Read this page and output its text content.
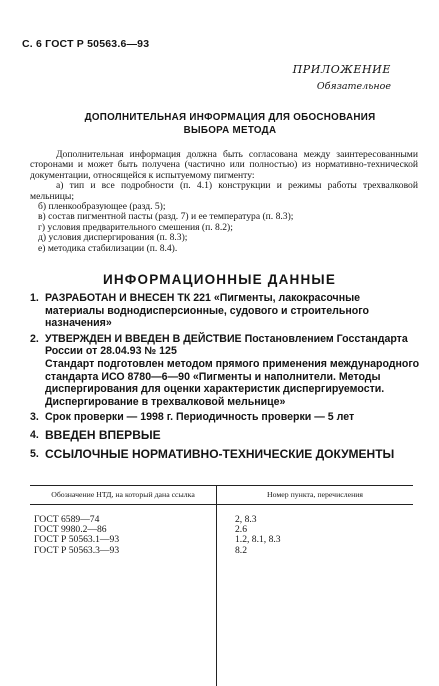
С. 6 ГОСТ Р 50563.6—93
ПРИЛОЖЕНИЕ
Обязательное
ДОПОЛНИТЕЛЬНАЯ ИНФОРМАЦИЯ ДЛЯ ОБОСНОВАНИЯ
ВЫБОРА МЕТОДА

Дополнительная информация должна быть согласована между заинтересованными сторонами и может быть получена (частично или полностью) из нормативно-технической документации, относящейся к испытуемому пигменту:

а) тип и все подробности (п. 4.1) конструкции и режимы работы трехвалковой мельницы;

б) пленкообразующее (разд. 5);

в) состав пигментной пасты (разд. 7) и ее температура (п. 8.3);

г) условия предварительного смешения (п. 8.2);

д) условия диспергирования (п. 8.3);

е) методика стабилизации (п. 8.4).

ИНФОРМАЦИОННЫЕ ДАННЫЕ
1. РАЗРАБОТАН И ВНЕСЕН ТК 221 «Пигменты, лакокрасочные материалы воднодисперсионные, судового и строительного назначения»
2. УТВЕРЖДЕН И ВВЕДЕН В ДЕЙСТВИЕ Постановлением Госстандарта России от 28.04.93 № 125
Стандарт подготовлен методом прямого применения международного стандарта ИСО 8780—6—90 «Пигменты и наполнители. Методы диспергирования для оценки характеристик диспергируемости. Диспергирование в трехвалковой мельнице»
3. Срок проверки — 1998 г. Периодичность проверки — 5 лет
4. ВВЕДЕН ВПЕРВЫЕ
5. ССЫЛОЧНЫЕ НОРМАТИВНО-ТЕХНИЧЕСКИЕ ДОКУМЕНТЫ
Обозначение НТД, на который дана ссылка	Номер пункта, перечисления
ГОСТ 6589—74	2, 8.3
ГОСТ 9980.2—86	2.6
ГОСТ Р 50563.1—93	1.2, 8.1, 8.3
ГОСТ Р 50563.3—93	8.2
